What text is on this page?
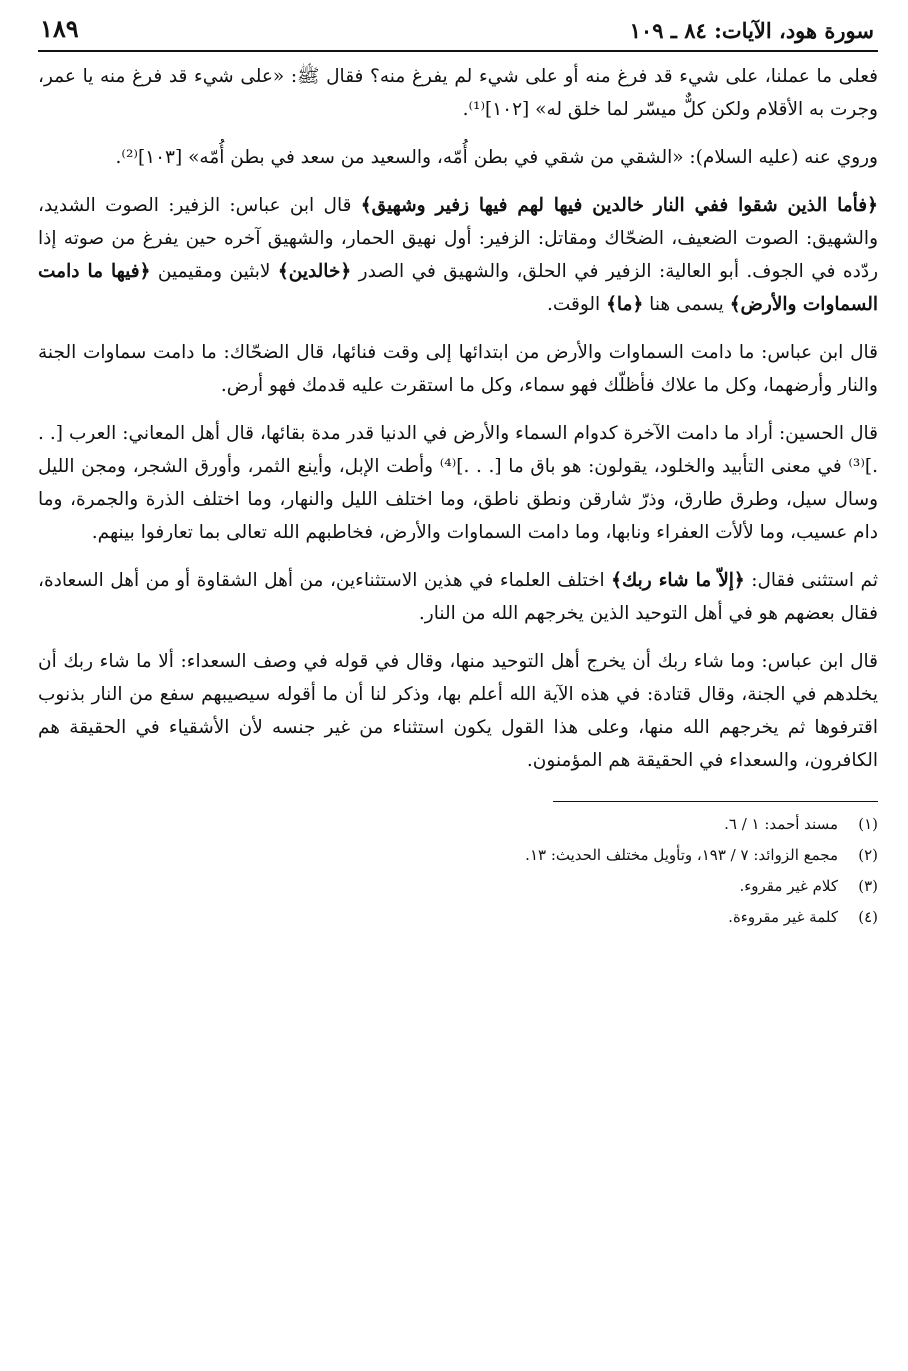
سورة هود، الآيات: ٨٤ ـ ١٠٩
١٨٩

فعلى ما عملنا، على شيء قد فرغ منه أو على شيء لم يفرغ منه؟ فقال ﷺ: «على شيء قد فرغ منه يا عمر، وجرت به الأقلام ولكن كلٌّ ميسّر لما خلق له» [١٠٢]⁽¹⁾.

وروي عنه (عليه السلام): «الشقي من شقي في بطن أُمّه، والسعيد من سعد في بطن أُمّه» [١٠٣]⁽²⁾.

﴿فأما الذين شقوا ففي النار خالدين فيها لهم فيها زفير وشهيق﴾ قال ابن عباس: الزفير: الصوت الشديد، والشهيق: الصوت الضعيف، الضحّاك ومقاتل: الزفير: أول نهيق الحمار، والشهيق آخره حين يفرغ من صوته إذا ردّده في الجوف. أبو العالية: الزفير في الحلق، والشهيق في الصدر ﴿خالدين﴾ لابثين ومقيمين ﴿فيها ما دامت السماوات والأرض﴾ يسمى هنا ﴿ما﴾ الوقت.

قال ابن عباس: ما دامت السماوات والأرض من ابتدائها إلى وقت فنائها، قال الضحّاك: ما دامت سماوات الجنة والنار وأرضهما، وكل ما علاك فأظلّك فهو سماء، وكل ما استقرت عليه قدمك فهو أرض.

قال الحسين: أراد ما دامت الآخرة كدوام السماء والأرض في الدنيا قدر مدة بقائها، قال أهل المعاني: العرب [. . .]⁽³⁾ في معنى التأبيد والخلود، يقولون: هو باق ما [. . .]⁽⁴⁾ وأطت الإبل، وأينع الثمر، وأورق الشجر، ومجن الليل وسال سيل، وطرق طارق، وذرّ شارقن ونطق ناطق، وما اختلف الليل والنهار، وما اختلف الذرة والجمرة، وما دام عسيب، وما لألأت العفراء ونابها، وما دامت السماوات والأرض، فخاطبهم الله تعالى بما تعارفوا بينهم.

ثم استثنى فقال: ﴿إلاّ ما شاء ربك﴾ اختلف العلماء في هذين الاستثناءين، من أهل الشقاوة أو من أهل السعادة، فقال بعضهم هو في أهل التوحيد الذين يخرجهم الله من النار.

قال ابن عباس: وما شاء ربك أن يخرج أهل التوحيد منها، وقال في قوله في وصف السعداء: ألا ما شاء ربك أن يخلدهم في الجنة، وقال قتادة: في هذه الآية الله أعلم بها، وذكر لنا أن ما أقوله سيصيبهم سفع من النار بذنوب اقترفوها ثم يخرجهم الله منها، وعلى هذا القول يكون استثناء من غير جنسه لأن الأشقياء في الحقيقة هم الكافرون، والسعداء في الحقيقة هم المؤمنون.

(١)مسند أحمد: ١ / ٦.
(٢)مجمع الزوائد: ٧ / ١٩٣، وتأويل مختلف الحديث: ١٣.
(٣)كلام غير مقروء.
(٤)كلمة غير مقروءة.
